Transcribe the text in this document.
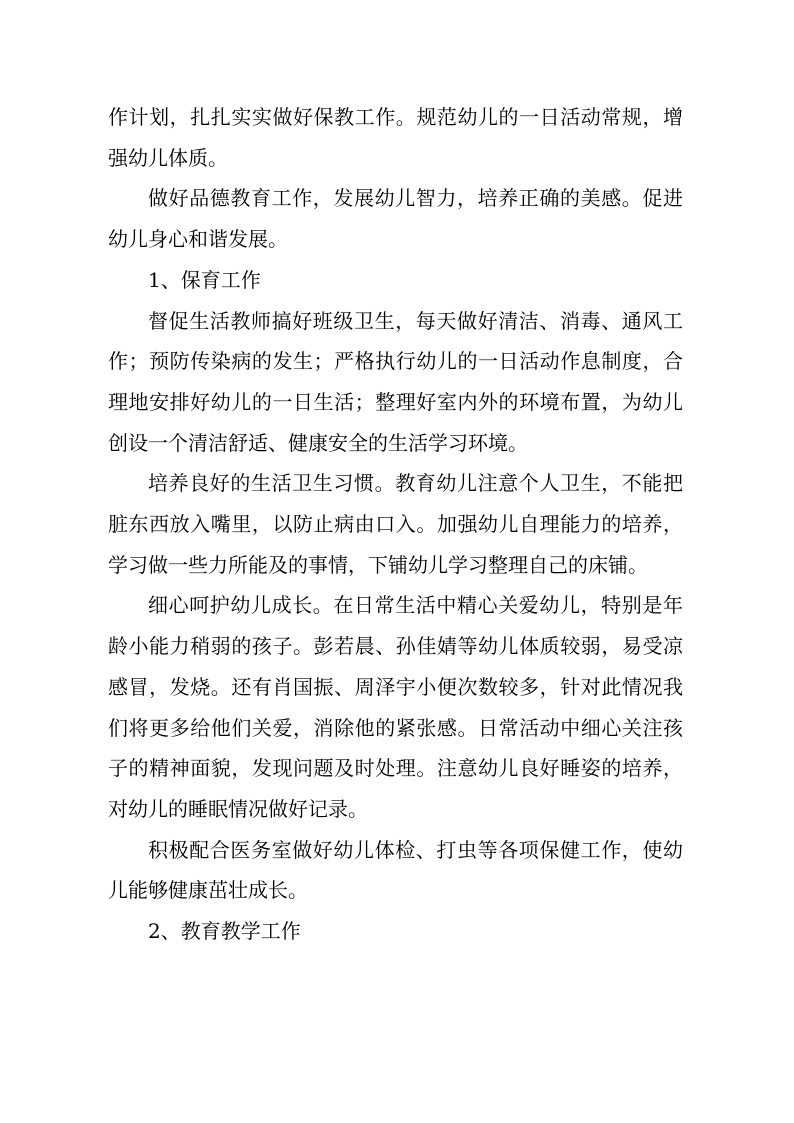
作计划，扎扎实实做好保教工作。规范幼儿的一日活动常规，增强幼儿体质。

做好品德教育工作，发展幼儿智力，培养正确的美感。促进幼儿身心和谐发展。

1、保育工作

督促生活教师搞好班级卫生，每天做好清洁、消毒、通风工作；预防传染病的发生；严格执行幼儿的一日活动作息制度，合理地安排好幼儿的一日生活；整理好室内外的环境布置，为幼儿创设一个清洁舒适、健康安全的生活学习环境。

培养良好的生活卫生习惯。教育幼儿注意个人卫生，不能把脏东西放入嘴里，以防止病由口入。加强幼儿自理能力的培养，学习做一些力所能及的事情，下铺幼儿学习整理自己的床铺。

细心呵护幼儿成长。在日常生活中精心关爱幼儿，特别是年龄小能力稍弱的孩子。彭若晨、孙佳婧等幼儿体质较弱，易受凉感冒，发烧。还有肖国振、周泽宇小便次数较多，针对此情况我们将更多给他们关爱，消除他的紧张感。日常活动中细心关注孩子的精神面貌，发现问题及时处理。注意幼儿良好睡姿的培养，对幼儿的睡眠情况做好记录。

积极配合医务室做好幼儿体检、打虫等各项保健工作，使幼儿能够健康茁壮成长。

2、教育教学工作
